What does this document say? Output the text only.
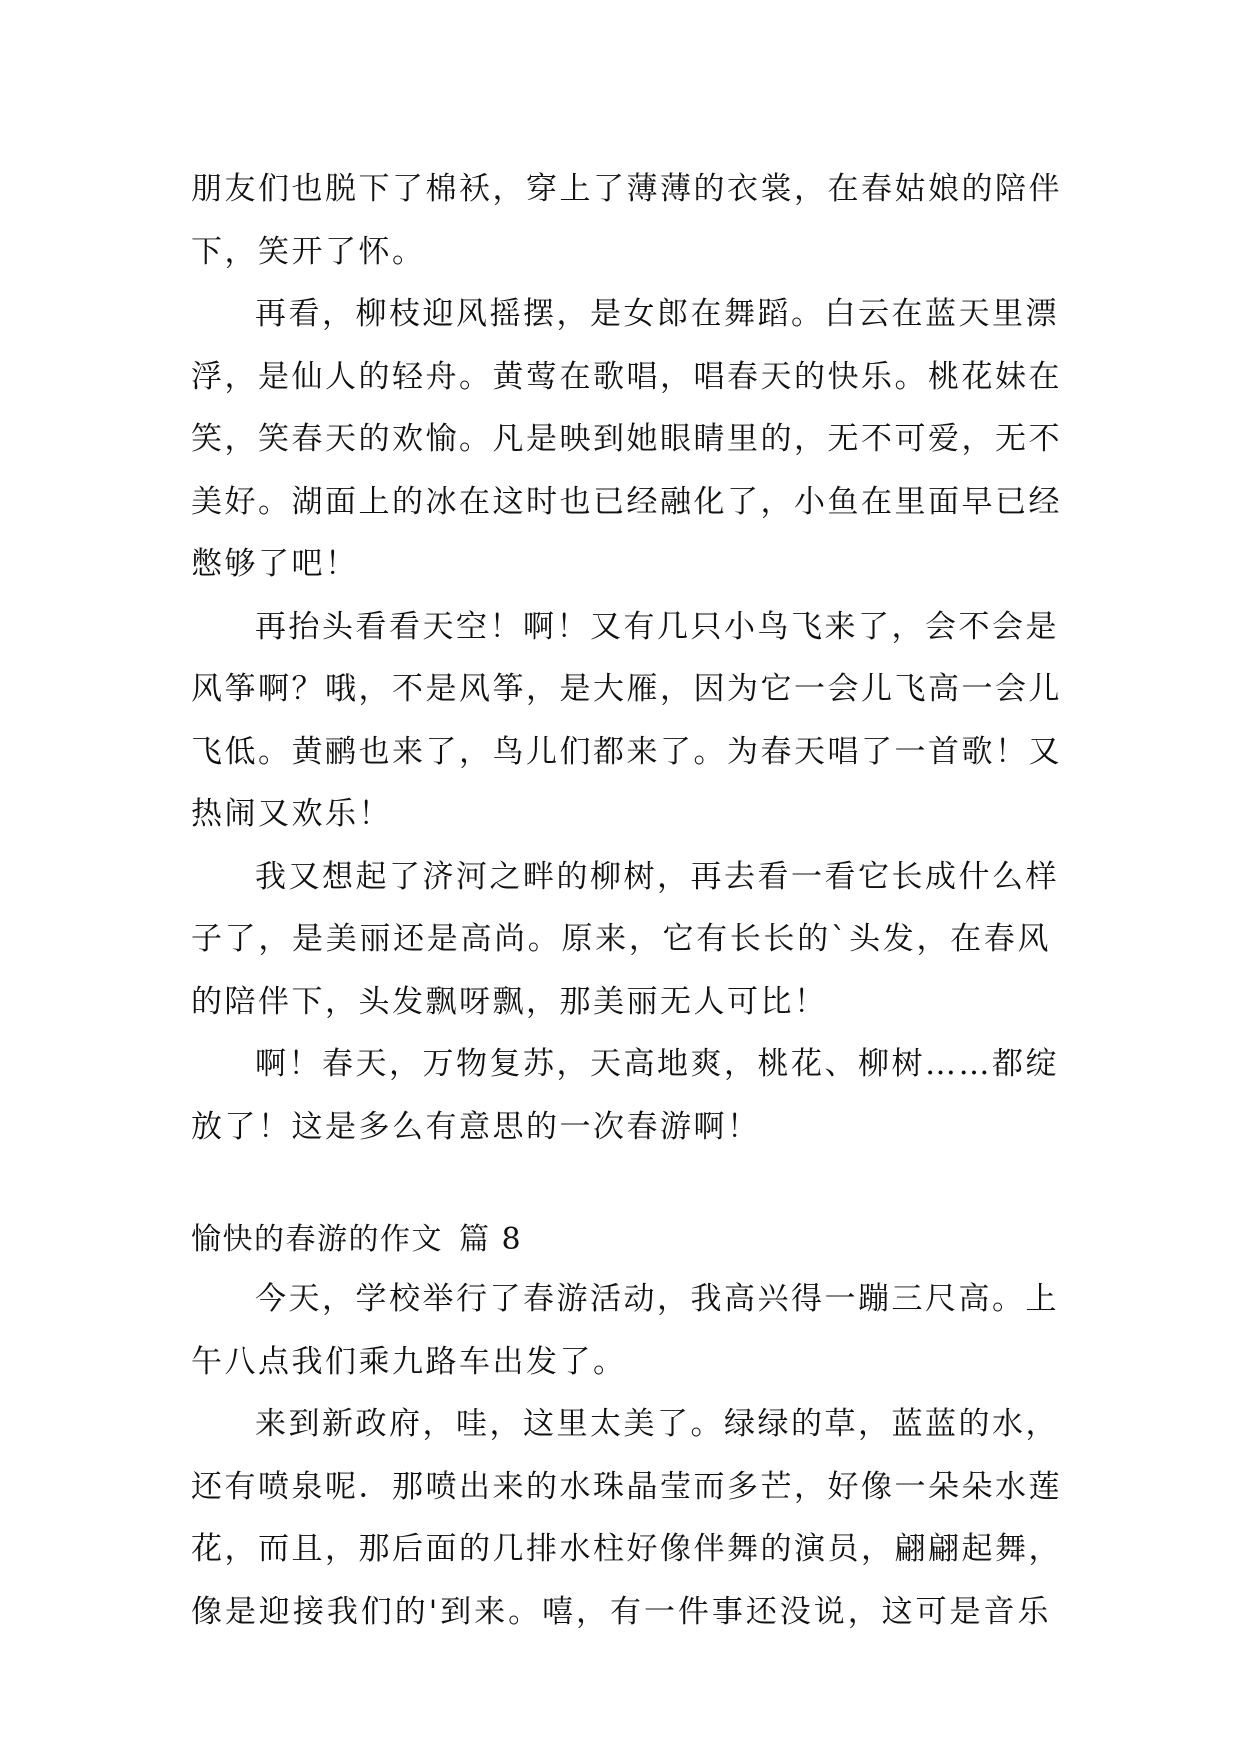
朋友们也脱下了棉袄，穿上了薄薄的衣裳，在春姑娘的陪伴
下，笑开了怀。
再看，柳枝迎风摇摆，是女郎在舞蹈。白云在蓝天里漂
浮，是仙人的轻舟。黄莺在歌唱，唱春天的快乐。桃花妹在
笑，笑春天的欢愉。凡是映到她眼睛里的，无不可爱，无不
美好。湖面上的冰在这时也已经融化了，小鱼在里面早已经
憋够了吧！
再抬头看看天空！啊！又有几只小鸟飞来了，会不会是
风筝啊？哦，不是风筝，是大雁，因为它一会儿飞高一会儿
飞低。黄鹂也来了，鸟儿们都来了。为春天唱了一首歌！又
热闹又欢乐！
我又想起了济河之畔的柳树，再去看一看它长成什么样
子了，是美丽还是高尚。原来，它有长长的`头发，在春风
的陪伴下，头发飘呀飘，那美丽无人可比！
啊！春天，万物复苏，天高地爽，桃花、柳树……都绽
放了！这是多么有意思的一次春游啊！
愉快的春游的作文 篇 8
今天，学校举行了春游活动，我高兴得一蹦三尺高。上
午八点我们乘九路车出发了。
来到新政府，哇，这里太美了。绿绿的草，蓝蓝的水，
还有喷泉呢．那喷出来的水珠晶莹而多芒，好像一朵朵水莲
花，而且，那后面的几排水柱好像伴舞的演员，翩翩起舞，
像是迎接我们的'到来。嘻，有一件事还没说，这可是音乐
